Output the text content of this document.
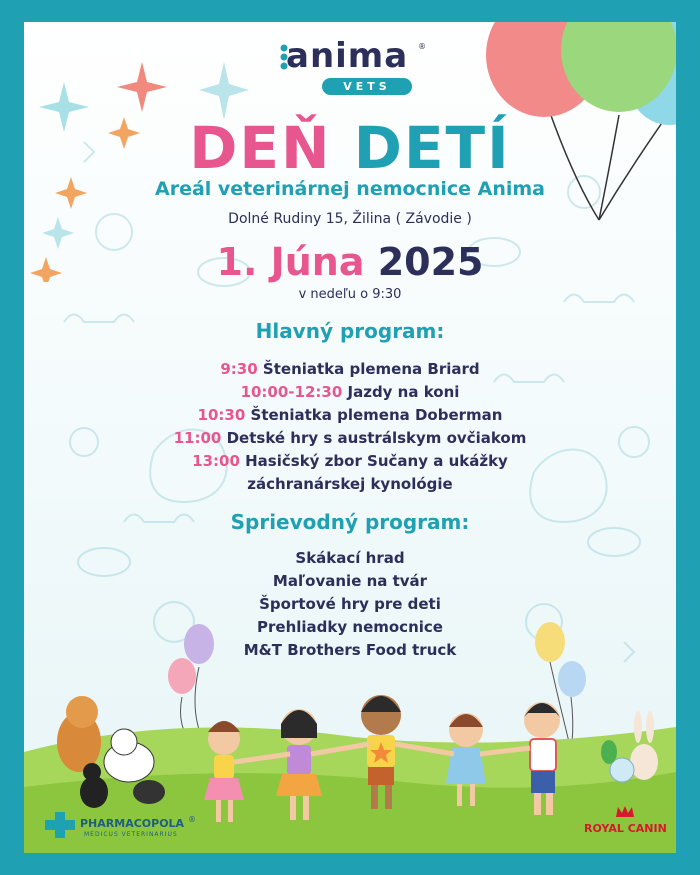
anima ®
VETS
DEŇ DETÍ
Areál veterinárnej nemocnice Anima
Dolné Rudiny 15, Žilina ( Závodie )
1. Júna 2025
v nedeľu o 9:30
Hlavný program:
9:30 Šteniatka plemena Briard
10:00-12:30 Jazdy na koni
10:30 Šteniatka plemena Doberman
11:00 Detské hry s austrálskym ovčiakom
13:00 Hasičský zbor Sučany a ukážky
záchranárskej kynológie
Sprievodný program:
Skákací hrad
Maľovanie na tvár
Športové hry pre deti
Prehliadky nemocnice
M&T Brothers Food truck
PHARMACOPOLA ®
MEDICUS VETERINARIUS	ROYAL CANIN
